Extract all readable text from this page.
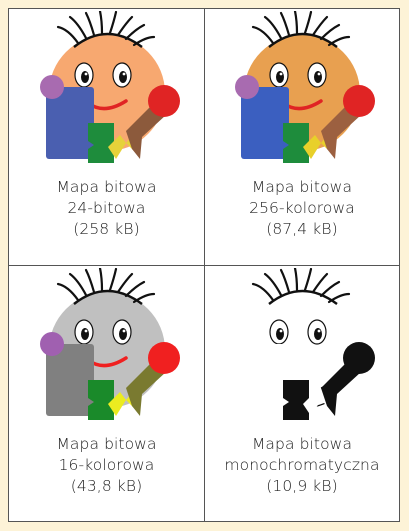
Mapa bitowa
24-bitowa
(258 kB)
Mapa bitowa
256-kolorowa
(87,4 kB)
Mapa bitowa
16-kolorowa
(43,8 kB)
Mapa bitowa
monochromatyczna
(10,9 kB)
